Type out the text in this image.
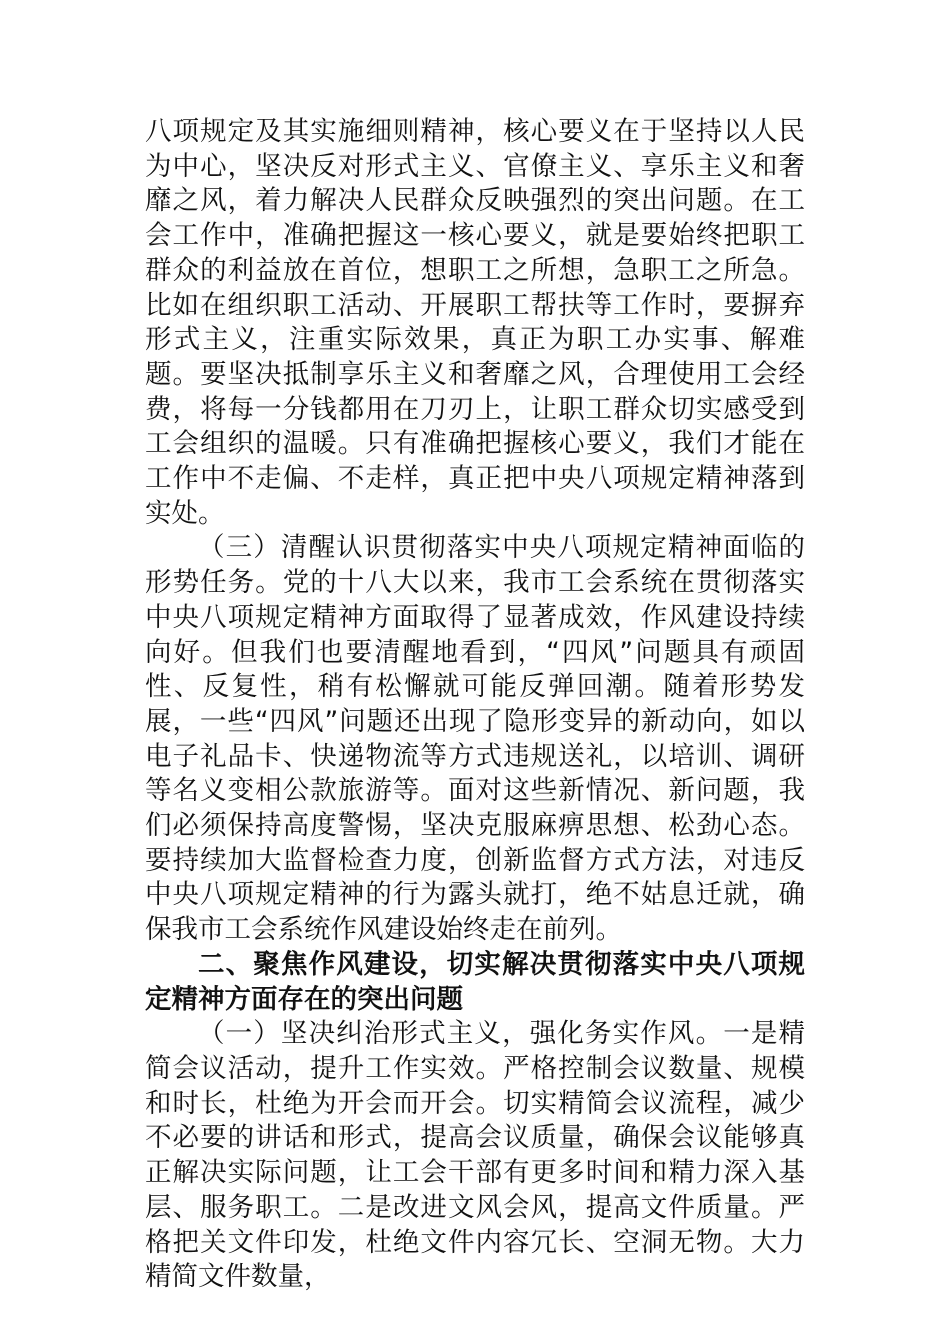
八项规定及其实施细则精神，核心要义在于坚持以人民为中心，坚决反对形式主义、官僚主义、享乐主义和奢靡之风，着力解决人民群众反映强烈的突出问题。在工会工作中，准确把握这一核心要义，就是要始终把职工群众的利益放在首位，想职工之所想，急职工之所急。比如在组织职工活动、开展职工帮扶等工作时，要摒弃形式主义，注重实际效果，真正为职工办实事、解难题。要坚决抵制享乐主义和奢靡之风，合理使用工会经费，将每一分钱都用在刀刃上，让职工群众切实感受到工会组织的温暖。只有准确把握核心要义，我们才能在工作中不走偏、不走样，真正把中央八项规定精神落到实处。

（三）清醒认识贯彻落实中央八项规定精神面临的形势任务。党的十八大以来，我市工会系统在贯彻落实中央八项规定精神方面取得了显著成效，作风建设持续向好。但我们也要清醒地看到，“四风”问题具有顽固性、反复性，稍有松懈就可能反弹回潮。随着形势发展，一些“四风”问题还出现了隐形变异的新动向，如以电子礼品卡、快递物流等方式违规送礼，以培训、调研等名义变相公款旅游等。面对这些新情况、新问题，我们必须保持高度警惕，坚决克服麻痹思想、松劲心态。要持续加大监督检查力度，创新监督方式方法，对违反中央八项规定精神的行为露头就打，绝不姑息迁就，确保我市工会系统作风建设始终走在前列。

二、聚焦作风建设，切实解决贯彻落实中央八项规定精神方面存在的突出问题

（一）坚决纠治形式主义，强化务实作风。一是精简会议活动，提升工作实效。严格控制会议数量、规模和时长，杜绝为开会而开会。切实精简会议流程，减少不必要的讲话和形式，提高会议质量，确保会议能够真正解决实际问题，让工会干部有更多时间和精力深入基层、服务职工。二是改进文风会风，提高文件质量。严格把关文件印发，杜绝文件内容冗长、空洞无物。大力精简文件数量，
